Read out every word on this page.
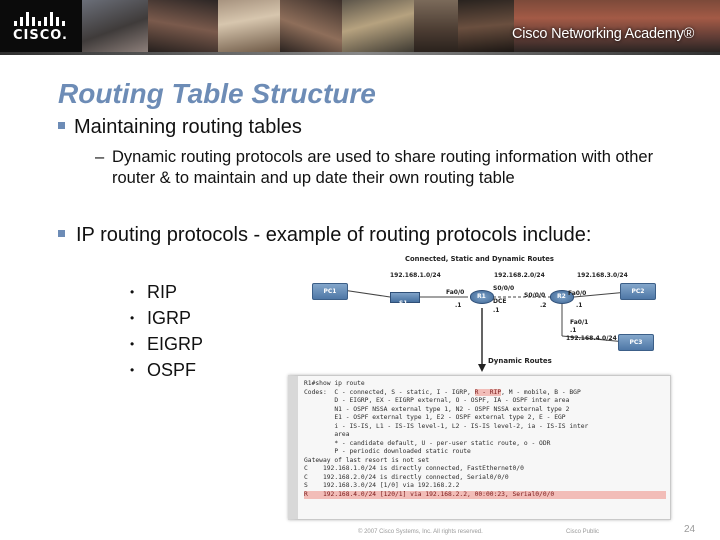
CISCO.	Cisco Networking Academy®
Routing Table Structure
Maintaining routing tables
– Dynamic routing protocols are used to share routing information with other router & to maintain and up date their own routing table
IP routing protocols - example of routing protocols include:
• RIP
• IGRP
• EIGRP
• OSPF
Connected, Static and Dynamic Routes
192.168.1.0/24	192.168.2.0/24	192.168.3.0/24
192.168.4.0/24
PC1	PC2
PC3
S1
R1	R2
Fa0/0
.1
S0/0/0
DCE
.1
S0/0/0
.2
Fa0/0
.1
Fa0/1
.1
Dynamic Routes
R1#show ip route
Codes:  C - connected, S - static, I - IGRP, R - RIP, M - mobile, B - BGP
D - EIGRP, EX - EIGRP external, O - OSPF, IA - OSPF inter area
N1 - OSPF NSSA external type 1, N2 - OSPF NSSA external type 2
E1 - OSPF external type 1, E2 - OSPF external type 2, E - EGP
i - IS-IS, L1 - IS-IS level-1, L2 - IS-IS level-2, ia - IS-IS inter
area
* - candidate default, U - per-user static route, o - ODR
P - periodic downloaded static route
Gateway of last resort is not set
C    192.168.1.0/24 is directly connected, FastEthernet0/0
C    192.168.2.0/24 is directly connected, Serial0/0/0
S    192.168.3.0/24 [1/0] via 192.168.2.2
R    192.168.4.0/24 [120/1] via 192.168.2.2, 00:00:23, Serial0/0/0
© 2007 Cisco Systems, Inc. All rights reserved.	Cisco Public	24
